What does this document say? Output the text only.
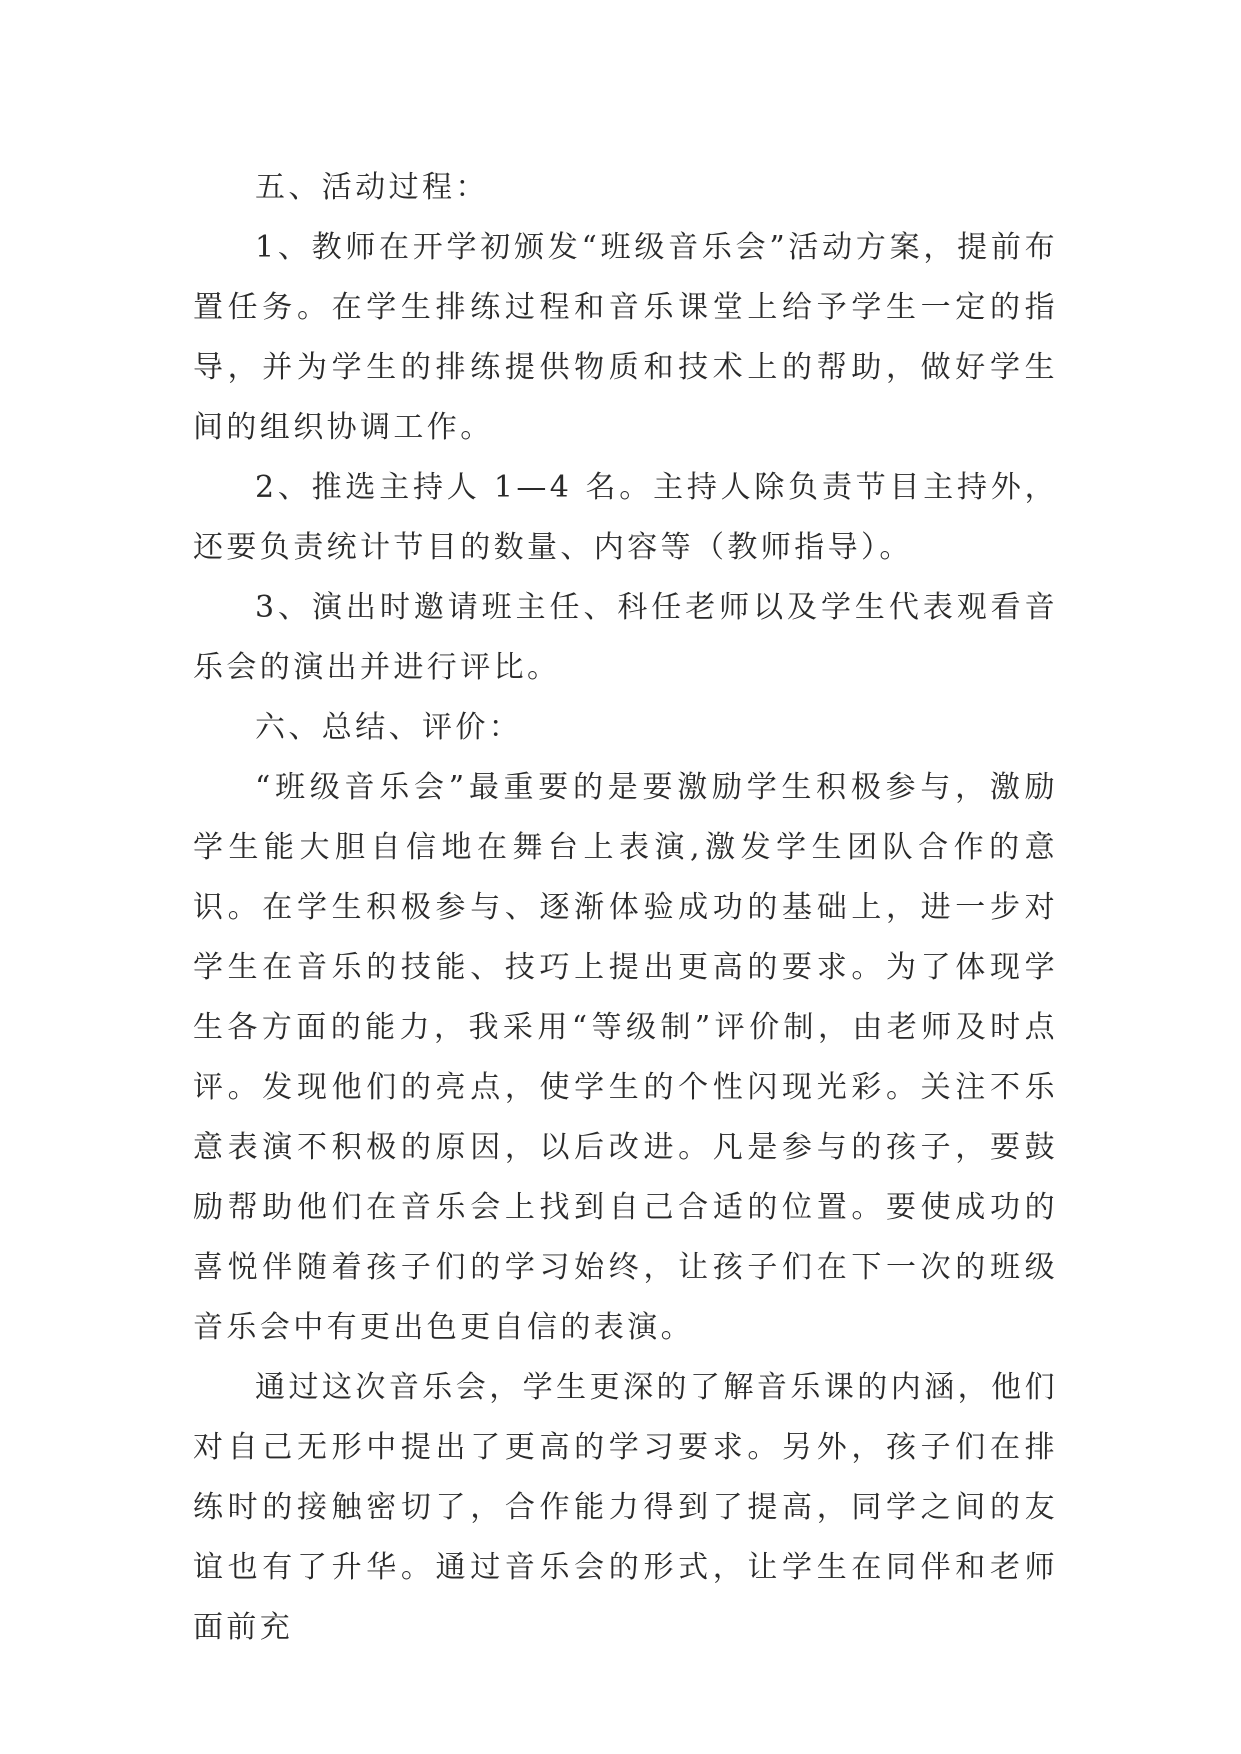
五、活动过程：

1、教师在开学初颁发“班级音乐会”活动方案，提前布置任务。在学生排练过程和音乐课堂上给予学生一定的指导，并为学生的排练提供物质和技术上的帮助，做好学生间的组织协调工作。

2、推选主持人 1—4 名。主持人除负责节目主持外，还要负责统计节目的数量、内容等（教师指导）。

3、演出时邀请班主任、科任老师以及学生代表观看音乐会的演出并进行评比。

六、总结、评价：

“班级音乐会”最重要的是要激励学生积极参与，激励学生能大胆自信地在舞台上表演,激发学生团队合作的意识。在学生积极参与、逐渐体验成功的基础上，进一步对学生在音乐的技能、技巧上提出更高的要求。为了体现学生各方面的能力，我采用“等级制”评价制，由老师及时点评。发现他们的亮点，使学生的个性闪现光彩。关注不乐意表演不积极的原因，以后改进。凡是参与的孩子，要鼓励帮助他们在音乐会上找到自己合适的位置。要使成功的喜悦伴随着孩子们的学习始终，让孩子们在下一次的班级音乐会中有更出色更自信的表演。

通过这次音乐会，学生更深的了解音乐课的内涵，他们对自己无形中提出了更高的学习要求。另外，孩子们在排练时的接触密切了，合作能力得到了提高，同学之间的友谊也有了升华。通过音乐会的形式，让学生在同伴和老师面前充
